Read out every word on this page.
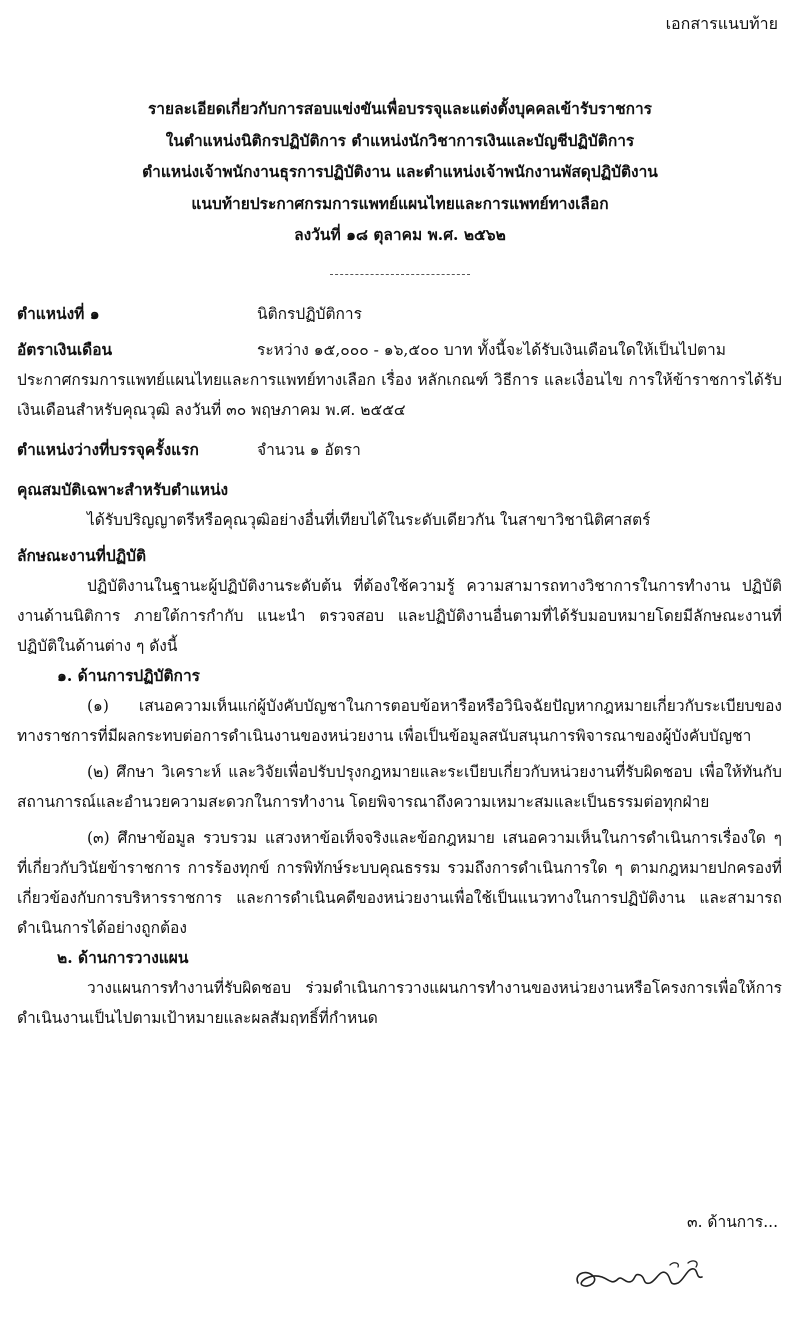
เอกสารแนบท้าย
รายละเอียดเกี่ยวกับการสอบแข่งขันเพื่อบรรจุและแต่งตั้งบุคคลเข้ารับราชการ
ในตำแหน่งนิติกรปฏิบัติการ ตำแหน่งนักวิชาการเงินและบัญชีปฏิบัติการ
ตำแหน่งเจ้าพนักงานธุรการปฏิบัติงาน และตำแหน่งเจ้าพนักงานพัสดุปฏิบัติงาน
แนบท้ายประกาศกรมการแพทย์แผนไทยและการแพทย์ทางเลือก
ลงวันที่ ๑๘ ตุลาคม พ.ศ. ๒๕๖๒
ตำแหน่งที่ ๑	นิติกรปฏิบัติการ
อัตราเงินเดือน	ระหว่าง ๑๕,๐๐๐ - ๑๖,๕๐๐ บาท ทั้งนี้จะได้รับเงินเดือนใดให้เป็นไปตาม
ประกาศกรมการแพทย์แผนไทยและการแพทย์ทางเลือก เรื่อง หลักเกณฑ์ วิธีการ และเงื่อนไข การให้ข้าราชการได้รับเงินเดือนสำหรับคุณวุฒิ ลงวันที่ ๓๐ พฤษภาคม พ.ศ. ๒๕๕๔
ตำแหน่งว่างที่บรรจุครั้งแรก	จำนวน ๑ อัตรา
คุณสมบัติเฉพาะสำหรับตำแหน่ง
ได้รับปริญญาตรีหรือคุณวุฒิอย่างอื่นที่เทียบได้ในระดับเดียวกัน ในสาขาวิชานิติศาสตร์
ลักษณะงานที่ปฏิบัติ
ปฏิบัติงานในฐานะผู้ปฏิบัติงานระดับต้น ที่ต้องใช้ความรู้ ความสามารถทางวิชาการในการทำงาน ปฏิบัติงานด้านนิติการ ภายใต้การกำกับ แนะนำ ตรวจสอบ และปฏิบัติงานอื่นตามที่ได้รับมอบหมายโดยมีลักษณะงานที่ปฏิบัติในด้านต่าง ๆ ดังนี้
๑. ด้านการปฏิบัติการ
(๑) เสนอความเห็นแก่ผู้บังคับบัญชาในการตอบข้อหารือหรือวินิจฉัยปัญหากฎหมายเกี่ยวกับระเบียบของทางราชการที่มีผลกระทบต่อการดำเนินงานของหน่วยงาน เพื่อเป็นข้อมูลสนับสนุนการพิจารณาของผู้บังคับบัญชา
(๒) ศึกษา วิเคราะห์ และวิจัยเพื่อปรับปรุงกฎหมายและระเบียบเกี่ยวกับหน่วยงานที่รับผิดชอบ เพื่อให้ทันกับสถานการณ์และอำนวยความสะดวกในการทำงาน โดยพิจารณาถึงความเหมาะสมและเป็นธรรมต่อทุกฝ่าย
(๓) ศึกษาข้อมูล รวบรวม แสวงหาข้อเท็จจริงและข้อกฎหมาย เสนอความเห็นในการดำเนินการเรื่องใด ๆ ที่เกี่ยวกับวินัยข้าราชการ การร้องทุกข์ การพิทักษ์ระบบคุณธรรม รวมถึงการดำเนินการใด ๆ ตามกฎหมายปกครองที่เกี่ยวข้องกับการบริหารราชการ และการดำเนินคดีของหน่วยงานเพื่อใช้เป็นแนวทางในการปฏิบัติงาน และสามารถดำเนินการได้อย่างถูกต้อง
๒. ด้านการวางแผน
วางแผนการทำงานที่รับผิดชอบ ร่วมดำเนินการวางแผนการทำงานของหน่วยงานหรือโครงการเพื่อให้การดำเนินงานเป็นไปตามเป้าหมายและผลสัมฤทธิ์ที่กำหนด
๓. ด้านการ...
